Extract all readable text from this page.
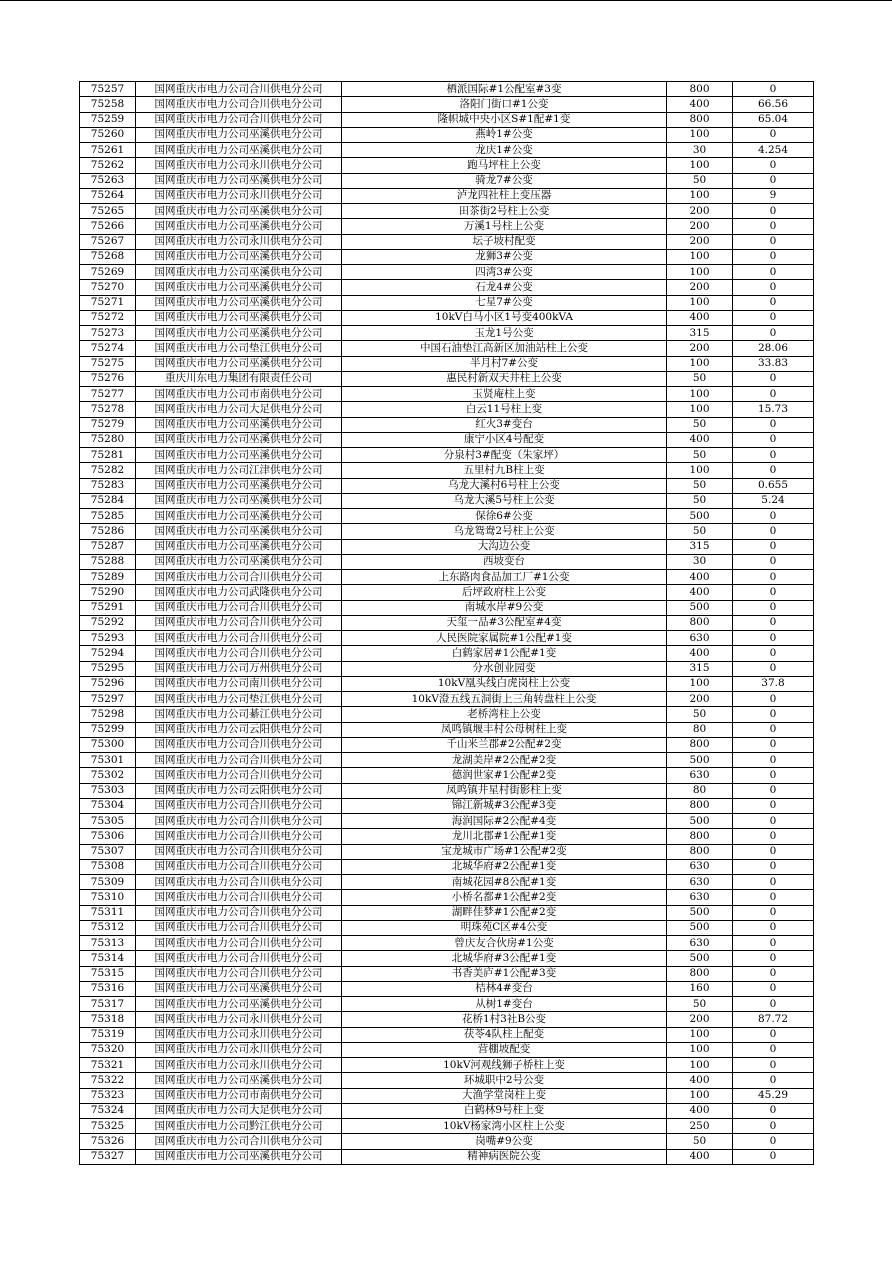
75257	国网重庆市电力公司合川供电分公司	栖派国际#1公配室#3变	800	0
75258	国网重庆市电力公司合川供电分公司	洛阳门街口#1公变	400	66.56
75259	国网重庆市电力公司合川供电分公司	隆帜城中央小区S#1配#1变	800	65.04
75260	国网重庆市电力公司巫溪供电分公司	燕岭1#公变	100	0
75261	国网重庆市电力公司巫溪供电分公司	龙庆1#公变	30	4.254
75262	国网重庆市电力公司永川供电分公司	跑马坪柱上公变	100	0
75263	国网重庆市电力公司巫溪供电分公司	骑龙7#公变	50	0
75264	国网重庆市电力公司永川供电分公司	泸龙四社柱上变压器	100	9
75265	国网重庆市电力公司巫溪供电分公司	田茶街2号柱上公变	200	0
75266	国网重庆市电力公司巫溪供电分公司	万溪1号柱上公变	200	0
75267	国网重庆市电力公司永川供电分公司	坛子坡村配变	200	0
75268	国网重庆市电力公司巫溪供电分公司	龙狮3#公变	100	0
75269	国网重庆市电力公司巫溪供电分公司	四湾3#公变	100	0
75270	国网重庆市电力公司巫溪供电分公司	石龙4#公变	200	0
75271	国网重庆市电力公司巫溪供电分公司	七星7#公变	100	0
75272	国网重庆市电力公司巫溪供电分公司	10kV白马小区1号变400kVA	400	0
75273	国网重庆市电力公司巫溪供电分公司	玉龙1号公变	315	0
75274	国网重庆市电力公司垫江供电分公司	中国石油垫江高新区加油站柱上公变	200	28.06
75275	国网重庆市电力公司巫溪供电分公司	半月村7#公变	100	33.83
75276	重庆川东电力集团有限责任公司	惠民村新双天井柱上公变	50	0
75277	国网重庆市电力公司市南供电分公司	玉贤庵柱上变	100	0
75278	国网重庆市电力公司大足供电分公司	白云11号柱上变	100	15.73
75279	国网重庆市电力公司巫溪供电分公司	红火3#变台	50	0
75280	国网重庆市电力公司巫溪供电分公司	康宁小区4号配变	400	0
75281	国网重庆市电力公司巫溪供电分公司	分泉村3#配变（朱家坪）	50	0
75282	国网重庆市电力公司江津供电分公司	五里村九B柱上变	100	0
75283	国网重庆市电力公司巫溪供电分公司	乌龙大溪村6号柱上公变	50	0.655
75284	国网重庆市电力公司巫溪供电分公司	乌龙大溪5号柱上公变	50	5.24
75285	国网重庆市电力公司巫溪供电分公司	保徐6#公变	500	0
75286	国网重庆市电力公司巫溪供电分公司	乌龙鸳鸯2号柱上公变	50	0
75287	国网重庆市电力公司巫溪供电分公司	大沟边公变	315	0
75288	国网重庆市电力公司巫溪供电分公司	西坡变台	30	0
75289	国网重庆市电力公司合川供电分公司	上东路肉食品加工厂#1公变	400	0
75290	国网重庆市电力公司武隆供电分公司	后坪政府柱上公变	400	0
75291	国网重庆市电力公司合川供电分公司	南城水岸#9公变	500	0
75292	国网重庆市电力公司合川供电分公司	天玺一品#3公配室#4变	800	0
75293	国网重庆市电力公司合川供电分公司	人民医院家属院#1公配#1变	630	0
75294	国网重庆市电力公司合川供电分公司	白鹤家居#1公配#1变	400	0
75295	国网重庆市电力公司万州供电分公司	分水创业园变	315	0
75296	国网重庆市电力公司南川供电分公司	10kV凰头线白虎岗柱上公变	100	37.8
75297	国网重庆市电力公司垫江供电分公司	10kV澄五线五洞街上三角转盘柱上公变	200	0
75298	国网重庆市电力公司綦江供电分公司	老桥湾柱上公变	50	0
75299	国网重庆市电力公司云阳供电分公司	凤鸣镇堰丰村公母树柱上变	80	0
75300	国网重庆市电力公司合川供电分公司	千山米兰郡#2公配#2变	800	0
75301	国网重庆市电力公司合川供电分公司	龙湖美岸#2公配#2变	500	0
75302	国网重庆市电力公司合川供电分公司	德润世家#1公配#2变	630	0
75303	国网重庆市电力公司云阳供电分公司	凤鸣镇井星村街影柱上变	80	0
75304	国网重庆市电力公司合川供电分公司	锦江新城#3公配#3变	800	0
75305	国网重庆市电力公司合川供电分公司	海润国际#2公配#4变	500	0
75306	国网重庆市电力公司合川供电分公司	龙川北郡#1公配#1变	800	0
75307	国网重庆市电力公司合川供电分公司	宝龙城市广场#1公配#2变	800	0
75308	国网重庆市电力公司合川供电分公司	北城华府#2公配#1变	630	0
75309	国网重庆市电力公司合川供电分公司	南城花园#8公配#1变	630	0
75310	国网重庆市电力公司合川供电分公司	小桥名都#1公配#2变	630	0
75311	国网重庆市电力公司合川供电分公司	湖畔佳梦#1公配#2变	500	0
75312	国网重庆市电力公司合川供电分公司	明珠苑C区#4公变	500	0
75313	国网重庆市电力公司合川供电分公司	曾庆友合伙房#1公变	630	0
75314	国网重庆市电力公司合川供电分公司	北城华府#3公配#1变	500	0
75315	国网重庆市电力公司合川供电分公司	书香美庐#1公配#3变	800	0
75316	国网重庆市电力公司巫溪供电分公司	桔林4#变台	160	0
75317	国网重庆市电力公司巫溪供电分公司	从树1#变台	50	0
75318	国网重庆市电力公司永川供电分公司	花桥1村3社B公变	200	87.72
75319	国网重庆市电力公司永川供电分公司	茯苓4队柱上配变	100	0
75320	国网重庆市电力公司永川供电分公司	营棚坡配变	100	0
75321	国网重庆市电力公司永川供电分公司	10kV河观线狮子桥柱上变	100	0
75322	国网重庆市电力公司巫溪供电分公司	环城职中2号公变	400	0
75323	国网重庆市电力公司市南供电分公司	大渔学堂岗柱上变	100	45.29
75324	国网重庆市电力公司大足供电分公司	白鹤林9号柱上变	400	0
75325	国网重庆市电力公司黔江供电分公司	10kV杨家湾小区柱上公变	250	0
75326	国网重庆市电力公司合川供电分公司	岗嘴#9公变	50	0
75327	国网重庆市电力公司巫溪供电分公司	精神病医院公变	400	0
